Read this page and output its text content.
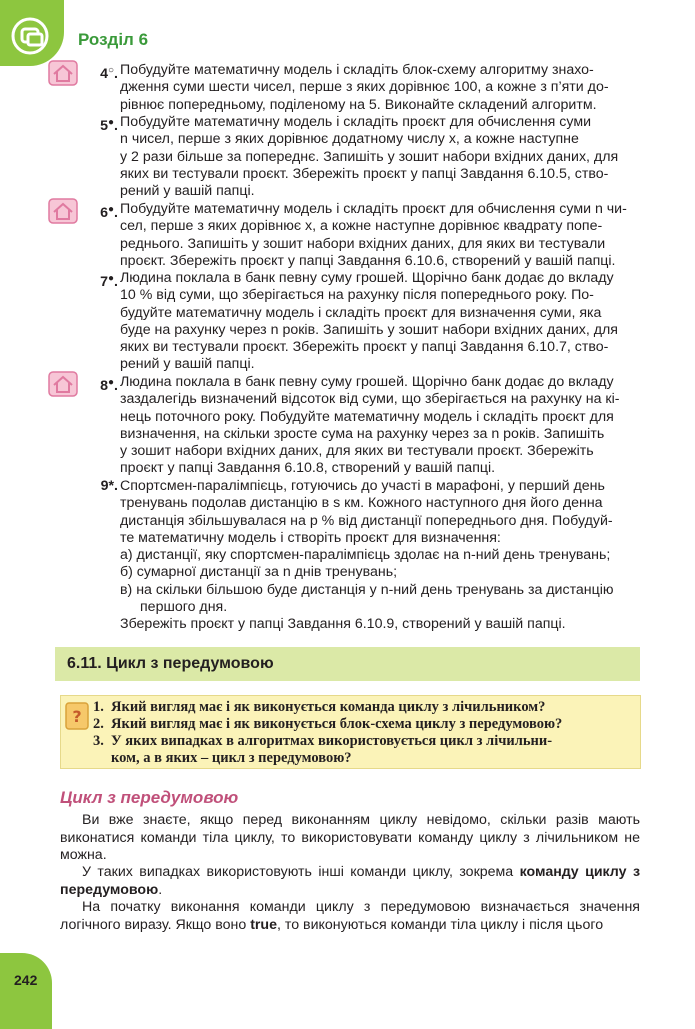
Розділ 6
4○. Побудуйте математичну модель і складіть блок-схему алгоритму знахо-
дження суми шести чисел, перше з яких дорівнює 100, а кожне з п’яти до-
рівнює попередньому, поділеному на 5. Виконайте складений алгоритм.
5●. Побудуйте математичну модель і складіть проєкт для обчислення суми
n чисел, перше з яких дорівнює додатному числу x, а кожне наступне
у 2 рази більше за попереднє. Запишіть у зошит набори вхідних даних, для
яких ви тестували проєкт. Збережіть проєкт у папці Завдання 6.10.5, ство-
рений у вашій папці.
6●. Побудуйте математичну модель і складіть проєкт для обчислення суми n чи-
сел, перше з яких дорівнює x, а кожне наступне дорівнює квадрату попе-
реднього. Запишіть у зошит набори вхідних даних, для яких ви тестували
проєкт. Збережіть проєкт у папці Завдання 6.10.6, створений у вашій папці.
7●. Людина поклала в банк певну суму грошей. Щорічно банк додає до вкладу
10 % від суми, що зберігається на рахунку після попереднього року. По-
будуйте математичну модель і складіть проєкт для визначення суми, яка
буде на рахунку через n років. Запишіть у зошит набори вхідних даних, для
яких ви тестували проєкт. Збережіть проєкт у папці Завдання 6.10.7, ство-
рений у вашій папці.
8●. Людина поклала в банк певну суму грошей. Щорічно банк додає до вкладу
заздалегідь визначений відсоток від суми, що зберігається на рахунку на кі-
нець поточного року. Побудуйте математичну модель і складіть проєкт для
визначення, на скільки зросте сума на рахунку через за n років. Запишіть
у зошит набори вхідних даних, для яких ви тестували проєкт. Збережіть
проєкт у папці Завдання 6.10.8, створений у вашій папці.
9*. Спортсмен-паралімпієць, готуючись до участі в марафоні, у перший день
тренувань подолав дистанцію в s км. Кожного наступного дня його денна
дистанція збільшувалася на p % від дистанції попереднього дня. Побудуй-
те математичну модель і створіть проєкт для визначення:
а) дистанції, яку спортсмен-паралімпієць здолає на n-ний день тренувань;
б) сумарної дистанції за n днів тренувань;
в) на скільки більшою буде дистанція у n-ний день тренувань за дистанцію першого дня.
Збережіть проєкт у папці Завдання 6.10.9, створений у вашій папці.
6.11. Цикл з передумовою
? 1. Який вигляд має і як виконується команда циклу з лічильником?
2. Який вигляд має і як виконується блок-схема циклу з передумовою?
3. У яких випадках в алгоритмах використовується цикл з лічильни-
ком, а в яких – цикл з передумовою?
Цикл з передумовою
Ви вже знаєте, якщо перед виконанням циклу невідомо, скільки разів мають виконатися команди тіла циклу, то використовувати команду циклу з лічильником не можна.
У таких випадках використовують інші команди циклу, зокрема командy циклу з передумовою.
На початку виконання команди циклу з передумовою визначається значення логічного виразу. Якщо воно true, то виконуються команди тіла циклу і після цього
242
